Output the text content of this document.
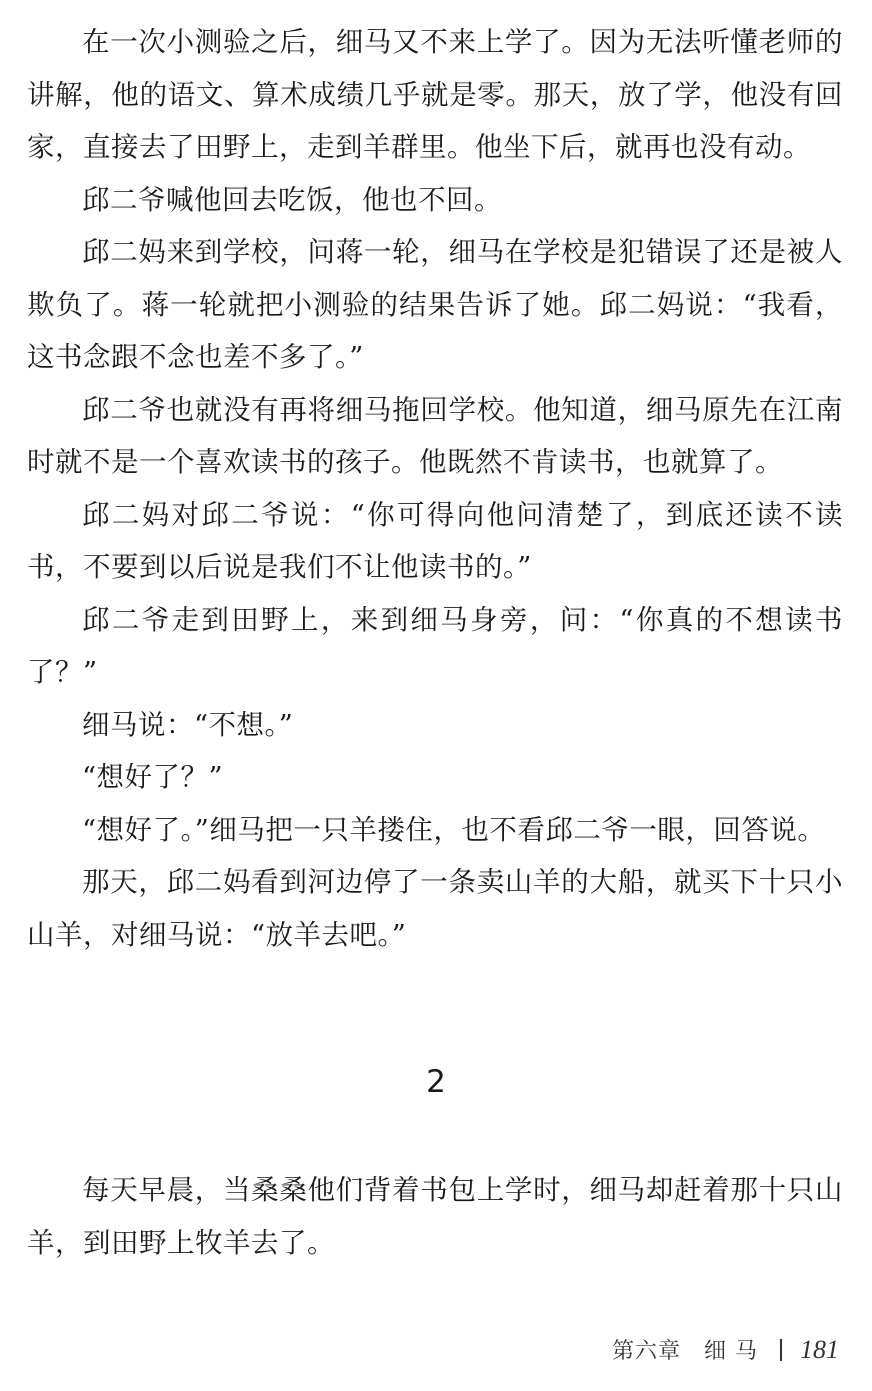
在一次小测验之后，细马又不来上学了。因为无法听懂老师的讲解，他的语文、算术成绩几乎就是零。那天，放了学，他没有回家，直接去了田野上，走到羊群里。他坐下后，就再也没有动。

邱二爷喊他回去吃饭，他也不回。

邱二妈来到学校，问蒋一轮，细马在学校是犯错误了还是被人欺负了。蒋一轮就把小测验的结果告诉了她。邱二妈说：“我看，这书念跟不念也差不多了。”

邱二爷也就没有再将细马拖回学校。他知道，细马原先在江南时就不是一个喜欢读书的孩子。他既然不肯读书，也就算了。

邱二妈对邱二爷说：“你可得向他问清楚了，到底还读不读书，不要到以后说是我们不让他读书的。”

邱二爷走到田野上，来到细马身旁，问：“你真的不想读书了？”

细马说：“不想。”

“想好了？”

“想好了。”细马把一只羊搂住，也不看邱二爷一眼，回答说。

那天，邱二妈看到河边停了一条卖山羊的大船，就买下十只小山羊，对细马说：“放羊去吧。”

2

每天早晨，当桑桑他们背着书包上学时，细马却赶着那十只山羊，到田野上牧羊去了。

第六章　细 马 181
